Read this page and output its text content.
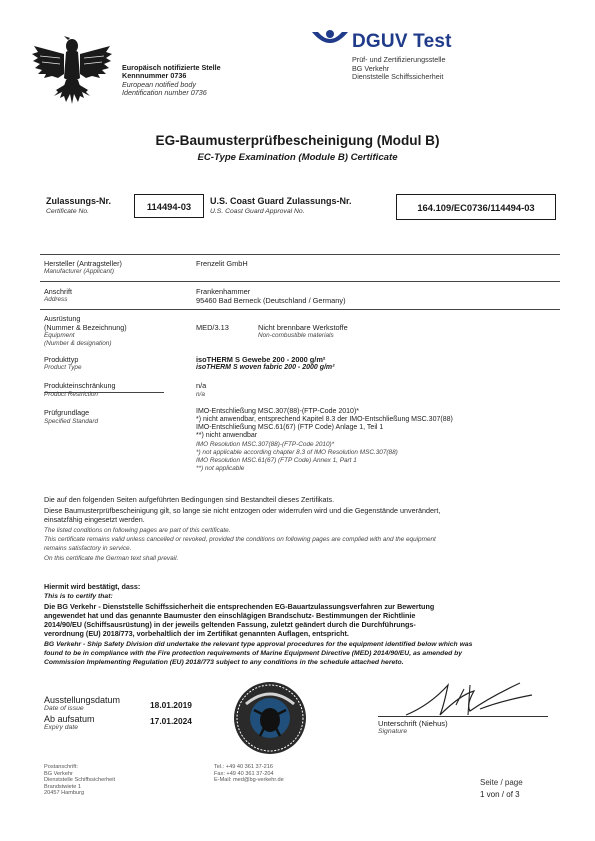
Europäisch notifizierte Stelle
Kennnummer 0736
European notified body
Identification number 0736
DGUV Test
Prüf- und Zertifizierungsstelle
BG Verkehr
Dienststelle Schiffssicherheit
EG-Baumusterprüfbescheinigung (Modul B)
EC-Type Examination (Module B) Certificate
Zulassungs-Nr.
Certificate No.	114494-03	U.S. Coast Guard Zulassungs-Nr.
U.S. Coast Guard Approval No.	164.109/EC0736/114494-03
Hersteller (Antragsteller)
Manufacturer (Applicant)
Frenzelit GmbH
Anschrift
Address
Frankenhammer
95460 Bad Berneck (Deutschland / Germany)
Ausrüstung
(Nummer & Bezeichnung)
Equipment
(Number & designation)
MED/3.13	Nicht brennbare Werkstoffe
Non-combustible materials
Produkttyp
Product Type
isoTHERM S Gewebe 200 - 2000 g/m²
isoTHERM S woven fabric 200 - 2000 g/m²
Produkteinschränkung	n/a
Product Restriction	n/a
Prüfgrundlage
Specified Standard
IMO-Entschließung MSC.307(88)-(FTP-Code 2010)*
*) nicht anwendbar, entsprechend Kapitel 8.3 der IMO-Entschließung MSC.307(88)
IMO-Entschließung MSC.61(67) (FTP Code) Anlage 1, Teil 1
**) nicht anwendbar
IMO Resolution MSC.307(88)-(FTP-Code 2010)*
*) not applicable according chapter 8.3 of IMO Resolution MSC.307(88)
IMO Resolution MSC.61(67) (FTP Code) Annex 1, Part 1
**) not applicable
Die auf den folgenden Seiten aufgeführten Bedingungen sind Bestandteil dieses Zertifikats.
Diese Baumusterprüfbescheinigung gilt, so lange sie nicht entzogen oder widerrufen wird und die Gegenstände unverändert,
einsatzfähig eingesetzt werden.
The listed conditions on following pages are part of this certificate.
This certificate remains valid unless cancelled or revoked, provided the conditions on following pages are complied with and the equipment
remains satisfactory in service.
On this certificate the German text shall prevail.
Hiermit wird bestätigt, dass:
This is to certify that:
Die BG Verkehr - Dienststelle Schiffssicherheit die entsprechenden EG-Bauartzulassungsverfahren zur Bewertung
angewendet hat und das genannte Baumuster den einschlägigen Brandschutz- Bestimmungen der Richtlinie
2014/90/EU (Schiffsausrüstung) in der jeweils geltenden Fassung, zuletzt geändert durch die Durchführungs-
verordnung (EU) 2018/773, vorbehaltlich der im Zertifikat genannten Auflagen, entspricht.
BG Verkehr - Ship Safety Division did undertake the relevant type approval procedures for the equipment identified below which was
found to be in compliance with the Fire protection requirements of Marine Equipment Directive (MED) 2014/90/EU, as amended by
Commission Implementing Regulation (EU) 2018/773 subject to any conditions in the schedule attached hereto.
Ausstellungsdatum
Date of issue	18.01.2019
Ab aufsatum
Expiry date
17.01.2024	Unterschrift (Niehus)
Signature
Postanschrift:
BG Verkehr
Dienststelle Schiffssicherheit
Brandstwiete 1
20457 Hamburg
Tel.: +49 40 361 37-216
Fax: +49 40 361 37-204
E-Mail: med@bg-verkehr.de	Seite / page
1 von / of 3
